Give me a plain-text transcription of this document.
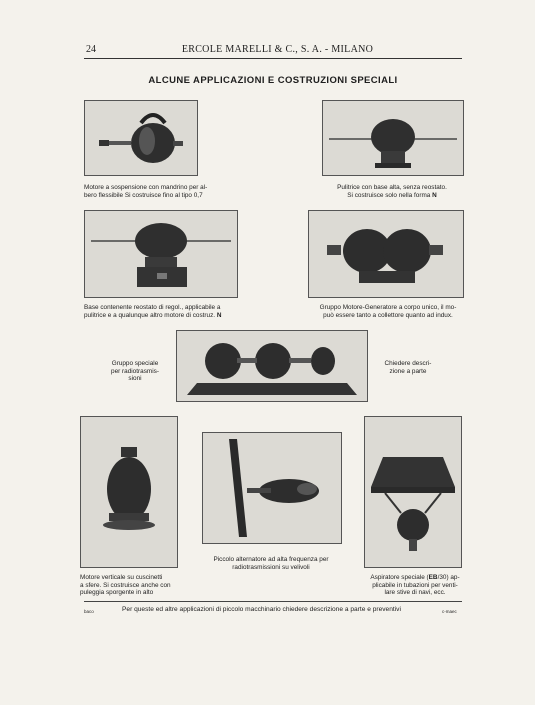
24	ERCOLE MARELLI & C., S. A. - MILANO
ALCUNE APPLICAZIONI E COSTRUZIONI SPECIALI
Motore a sospensione con mandrino per al-
bero flessibile Si costruisce fino al tipo 0,7
Pulitrice con base alta, senza reostato.
Si costruisce solo nella forma N
Base contenente reostato di regol., applicabile a
pulitrice e a qualunque altro motore di costruz. N
Gruppo Motore-Generatore a corpo unico, il mo-
può essere tanto a collettore quanto ad indux.
Gruppo speciale
per radiotrasmis-
sioni
Chiedere descri-
zione a parte
Motore verticale su cuscinetti
a sfere. Si costruisce anche con
puleggia sporgente in alto
Piccolo alternatore ad alta frequenza per
radiotrasmissioni su velivoli
Aspiratore speciale (EB/30) ap-
plicabile in tubazioni per venti-
lare stive di navi, ecc.
baco	Per queste ed altre applicazioni di piccolo macchinario chiedere descrizione a parte e preventivi	c-maec
